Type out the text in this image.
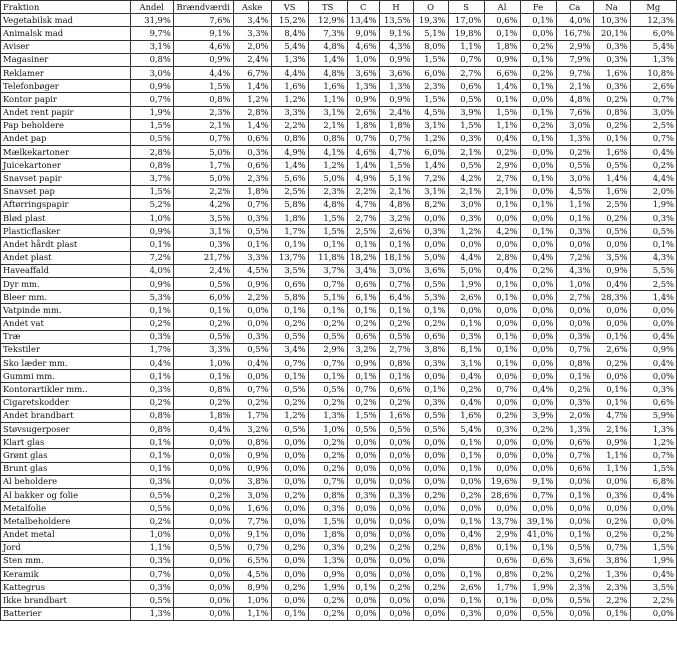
Fraktion	Andel	Brændværdi	Aske	VS	TS	C	H	O	S	Al	Fe	Ca	Na	Mg
Vegetabilsk mad	31,9%	7,6%	3,4%	15,2%	12,9%	13,4%	13,5%	19,3%	17,0%	0,6%	0,1%	4,0%	10,3%	12,3%
Animalsk mad	9,7%	9,1%	3,3%	8,4%	7,3%	9,0%	9,1%	5,1%	19,8%	0,1%	0,0%	16,7%	20,1%	6,0%
Aviser	3,1%	4,6%	2,0%	5,4%	4,8%	4,6%	4,3%	8,0%	1,1%	1,8%	0,2%	2,9%	0,3%	5,4%
Magasiner	0,8%	0,9%	2,4%	1,3%	1,4%	1,0%	0,9%	1,5%	0,7%	0,9%	0,1%	7,9%	0,3%	1,3%
Reklamer	3,0%	4,4%	6,7%	4,4%	4,8%	3,6%	3,6%	6,0%	2,7%	6,6%	0,2%	9,7%	1,6%	10,8%
Telefonbøger	0,9%	1,5%	1,4%	1,6%	1,6%	1,3%	1,3%	2,3%	0,6%	1,4%	0,1%	2,1%	0,3%	2,6%
Kontor papir	0,7%	0,8%	1,2%	1,2%	1,1%	0,9%	0,9%	1,5%	0,5%	0,1%	0,0%	4,8%	0,2%	0,7%
Andet rent papir	1,9%	2,3%	2,8%	3,3%	3,1%	2,6%	2,4%	4,5%	3,9%	1,5%	0,1%	7,6%	0,8%	3,0%
Pap beholdere	1,5%	2,1%	1,4%	2,2%	2,1%	1,8%	1,8%	3,1%	1,5%	1,1%	0,2%	3,0%	0,2%	2,5%
Andet pap	0,5%	0,7%	0,6%	0,8%	0,8%	0,7%	0,7%	1,2%	0,3%	0,4%	0,1%	1,3%	0,1%	0,7%
Mælkekartoner	2,8%	5,0%	0,3%	4,9%	4,1%	4,6%	4,7%	6,0%	2,1%	0,2%	0,0%	0,2%	1,6%	0,4%
Juicekartoner	0,8%	1,7%	0,6%	1,4%	1,2%	1,4%	1,5%	1,4%	0,5%	2,9%	0,0%	0,5%	0,5%	0,2%
Snavset papir	3,7%	5,0%	2,3%	5,6%	5,0%	4,9%	5,1%	7,2%	4,2%	2,7%	0,1%	3,0%	1,4%	4,4%
Snavset pap	1,5%	2,2%	1,8%	2,5%	2,3%	2,2%	2,1%	3,1%	2,1%	2,1%	0,0%	4,5%	1,6%	2,0%
Aftørringspapir	5,2%	4,2%	0,7%	5,8%	4,8%	4,7%	4,8%	8,2%	3,0%	0,1%	0,1%	1,1%	2,5%	1,9%
Blød plast	1,0%	3,5%	0,3%	1,8%	1,5%	2,7%	3,2%	0,0%	0,3%	0,0%	0,0%	0,1%	0,2%	0,3%
Plasticflasker	0,9%	3,1%	0,5%	1,7%	1,5%	2,5%	2,6%	0,3%	1,2%	4,2%	0,1%	0,3%	0,5%	0,5%
Andet hårdt plast	0,1%	0,3%	0,1%	0,1%	0,1%	0,1%	0,1%	0,0%	0,0%	0,0%	0,0%	0,0%	0,0%	0,1%
Andet plast	7,2%	21,7%	3,3%	13,7%	11,8%	18,2%	18,1%	5,0%	4,4%	2,8%	0,4%	7,2%	3,5%	4,3%
Haveaffald	4,0%	2,4%	4,5%	3,5%	3,7%	3,4%	3,0%	3,6%	5,0%	0,4%	0,2%	4,3%	0,9%	5,5%
Dyr mm.	0,9%	0,5%	0,9%	0,6%	0,7%	0,6%	0,7%	0,5%	1,9%	0,1%	0,0%	1,0%	0,4%	2,5%
Bleer mm.	5,3%	6,0%	2,2%	5,8%	5,1%	6,1%	6,4%	5,3%	2,6%	0,1%	0,0%	2,7%	28,3%	1,4%
Vatpinde mm.	0,1%	0,1%	0,0%	0,1%	0,1%	0,1%	0,1%	0,1%	0,0%	0,0%	0,0%	0,0%	0,0%	0,0%
Andet vat	0,2%	0,2%	0,0%	0,2%	0,2%	0,2%	0,2%	0,2%	0,1%	0,0%	0,0%	0,0%	0,0%	0,0%
Træ	0,3%	0,5%	0,3%	0,5%	0,5%	0,6%	0,5%	0,6%	0,3%	0,1%	0,0%	0,3%	0,1%	0,4%
Tekstiler	1,7%	3,3%	0,5%	3,4%	2,9%	3,2%	2,7%	3,8%	8,1%	0,1%	0,0%	0,7%	2,6%	0,9%
Sko læder mm.	0,4%	1,0%	0,4%	0,7%	0,7%	0,9%	0,8%	0,3%	3,1%	0,1%	0,0%	0,8%	0,2%	0,4%
Gummi mm.	0,1%	0,1%	0,0%	0,1%	0,1%	0,1%	0,1%	0,0%	0,4%	0,0%	0,0%	0,1%	0,0%	0,0%
Kontorartikler mm..	0,3%	0,8%	0,7%	0,5%	0,5%	0,7%	0,6%	0,1%	0,2%	0,7%	0,4%	0,2%	0,1%	0,3%
Cigaretskodder	0,2%	0,2%	0,2%	0,2%	0,2%	0,2%	0,2%	0,3%	0,4%	0,0%	0,0%	0,3%	0,1%	0,6%
Andet brandbart	0,8%	1,8%	1,7%	1,2%	1,3%	1,5%	1,6%	0,5%	1,6%	0,2%	3,9%	2,0%	4,7%	5,9%
Støvsugerposer	0,8%	0,4%	3,2%	0,5%	1,0%	0,5%	0,5%	0,5%	5,4%	0,3%	0,2%	1,3%	2,1%	1,3%
Klart glas	0,1%	0,0%	0,8%	0,0%	0,2%	0,0%	0,0%	0,0%	0,1%	0,0%	0,0%	0,6%	0,9%	1,2%
Grønt glas	0,1%	0,0%	0,9%	0,0%	0,2%	0,0%	0,0%	0,0%	0,1%	0,0%	0,0%	0,7%	1,1%	0,7%
Brunt glas	0,1%	0,0%	0,9%	0,0%	0,2%	0,0%	0,0%	0,0%	0,1%	0,0%	0,0%	0,6%	1,1%	1,5%
Al beholdere	0,3%	0,0%	3,8%	0,0%	0,7%	0,0%	0,0%	0,0%	0,0%	19,6%	9,1%	0,0%	0,0%	6,8%
Al bakker og folie	0,5%	0,2%	3,0%	0,2%	0,8%	0,3%	0,3%	0,2%	0,2%	28,6%	0,7%	0,1%	0,3%	0,4%
Metalfolie	0,5%	0,0%	1,6%	0,0%	0,3%	0,0%	0,0%	0,0%	0,0%	0,0%	0,0%	0,0%	0,0%	0,0%
Metalbeholdere	0,2%	0,0%	7,7%	0,0%	1,5%	0,0%	0,0%	0,0%	0,1%	13,7%	39,1%	0,0%	0,2%	0,0%
Andet metal	1,0%	0,0%	9,1%	0,0%	1,8%	0,0%	0,0%	0,0%	0,4%	2,9%	41,0%	0,1%	0,2%	0,2%
Jord	1,1%	0,5%	0,7%	0,2%	0,3%	0,2%	0,2%	0,2%	0,8%	0,1%	0,1%	0,5%	0,7%	1,5%
Sten mm.	0,3%	0,0%	6,5%	0,0%	1,3%	0,0%	0,0%	0,0%		0,6%	0,6%	3,6%	3,8%	1,9%
Keramik	0,7%	0,0%	4,5%	0,0%	0,9%	0,0%	0,0%	0,0%	0,1%	0,8%	0,2%	0,2%	1,3%	0,4%
Kattegrus	0,3%	0,0%	8,9%	0,2%	1,9%	0,1%	0,2%	0,2%	2,6%	1,7%	1,9%	2,3%	2,3%	3,5%
Ikke brandbart	0,5%	0,0%	1,0%	0,0%	0,2%	0,0%	0,0%	0,0%	0,1%	0,1%	0,0%	0,5%	2,2%	2,2%
Batterier	1,3%	0,0%	1,1%	0,1%	0,2%	0,0%	0,0%	0,0%	0,3%	0,0%	0,5%	0,0%	0,1%	0,0%
